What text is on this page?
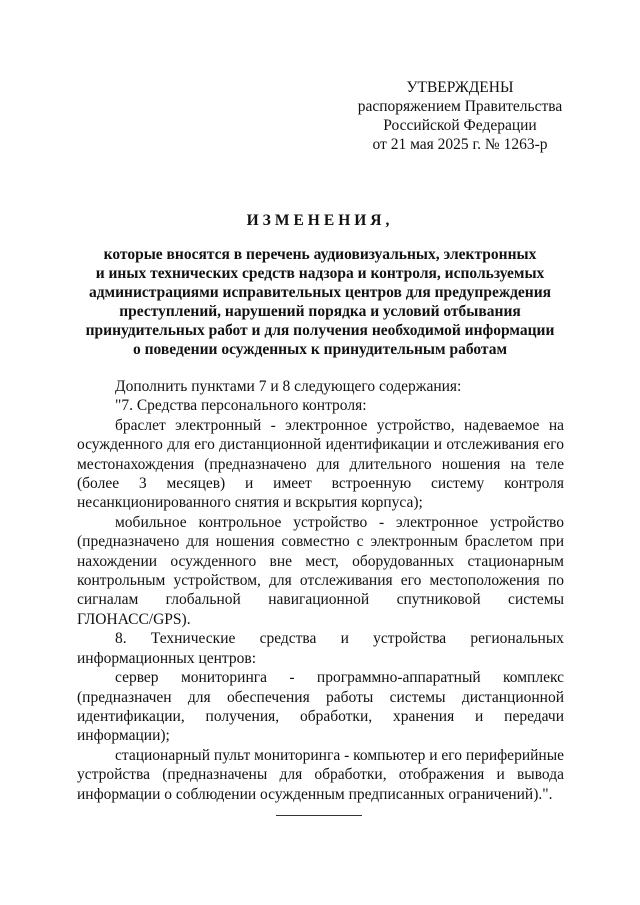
УТВЕРЖДЕНЫ
распоряжением Правительства
Российской Федерации
от 21 мая 2025 г. № 1263-р
ИЗМЕНЕНИЯ,
которые вносятся в перечень аудиовизуальных, электронных
и иных технических средств надзора и контроля, используемых
администрациями исправительных центров для предупреждения
преступлений, нарушений порядка и условий отбывания
принудительных работ и для получения необходимой информации
о поведении осужденных к принудительным работам

Дополнить пунктами 7 и 8 следующего содержания:

"7. Средства персонального контроля:

браслет электронный - электронное устройство, надеваемое на осужденного для его дистанционной идентификации и отслеживания его местонахождения (предназначено для длительного ношения на теле (более 3 месяцев) и имеет встроенную систему контроля несанкционированного снятия и вскрытия корпуса);

мобильное контрольное устройство - электронное устройство (предназначено для ношения совместно с электронным браслетом при нахождении осужденного вне мест, оборудованных стационарным контрольным устройством, для отслеживания его местоположения по сигналам глобальной навигационной спутниковой системы ГЛОНАСС/GPS).

8. Технические средства и устройства региональных информационных центров:

сервер мониторинга - программно-аппаратный комплекс (предназначен для обеспечения работы системы дистанционной идентификации, получения, обработки, хранения и передачи информации);

стационарный пульт мониторинга - компьютер и его периферийные устройства (предназначены для обработки, отображения и вывода информации о соблюдении осужденным предписанных ограничений).".
